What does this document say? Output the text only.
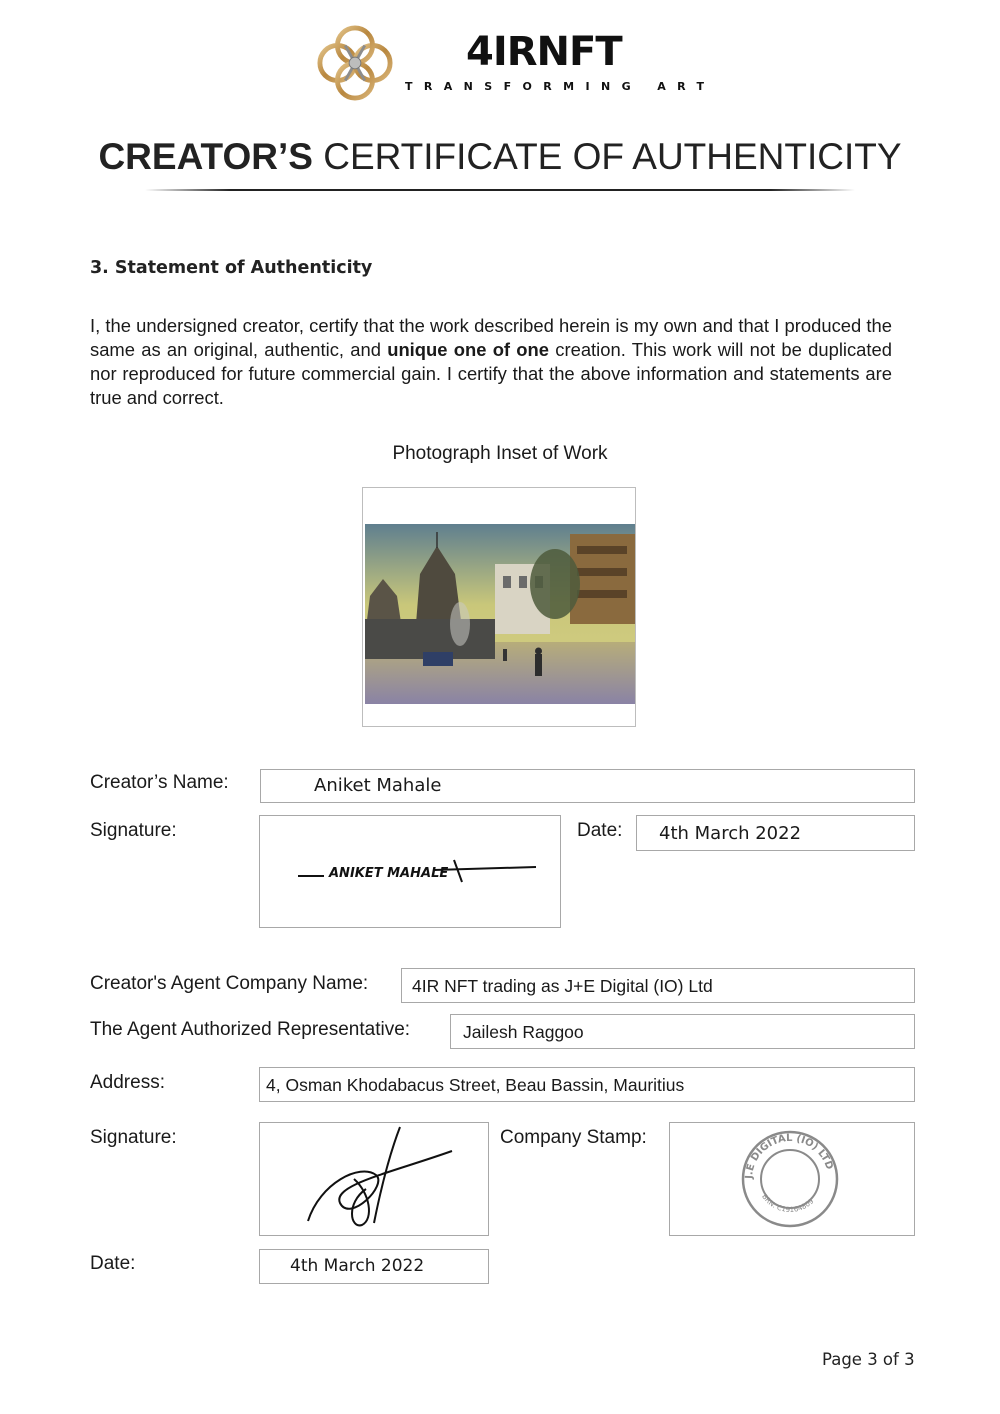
4IRNFT
TRANSFORMING ART
CREATOR’S CERTIFICATE OF AUTHENTICITY
3. Statement of Authenticity
I, the undersigned creator, certify that the work described herein is my own and that I produced the same as an original, authentic, and unique one of one creation. This work will not be duplicated nor reproduced for future commercial gain. I certify that the above information and statements are true and correct.
Photograph Inset of Work
Creator’s Name:	Aniket Mahale
Signature:
ANIKET MAHALE
Date: 4th March 2022
Creator's Agent Company Name:	4IR NFT trading as J+E Digital (IO) Ltd
The Agent Authorized Representative:	Jailesh Raggoo
Address:	4, Osman Khodabacus Street, Beau Bassin, Mauritius
Signature:	Company Stamp:
J.E DIGITAL (IO) LTD
BRN: C19164809
Date:	4th March 2022
Page 3 of 3
